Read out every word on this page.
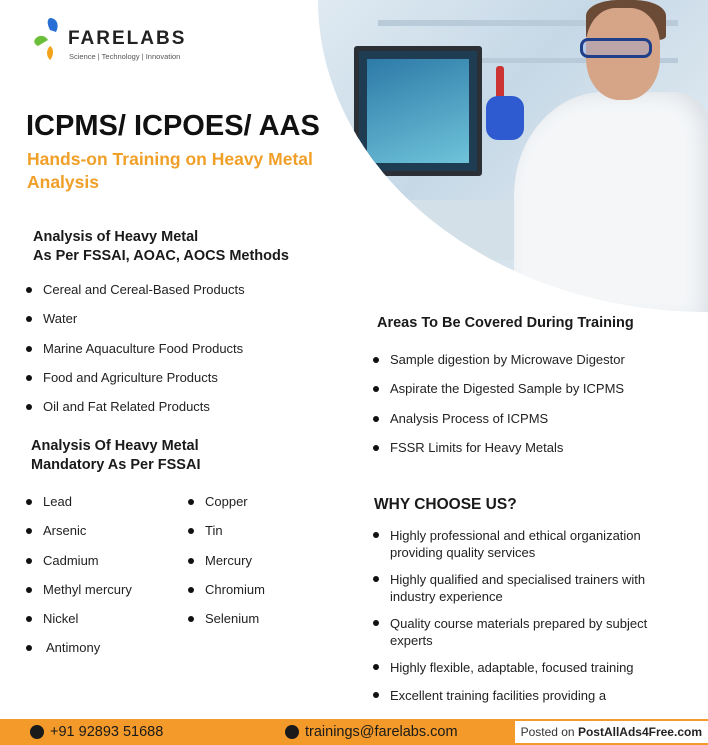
FARELABS
Science | Technology | Innovation
ICPMS/ ICPOES/ AAS

Hands-on Training on Heavy Metal Analysis

Analysis of Heavy Metal
As Per FSSAI, AOAC, AOCS Methods
Cereal and Cereal-Based Products
Water
Marine Aquaculture Food Products
Food and Agriculture Products
Oil and Fat Related Products
Analysis Of Heavy Metal
Mandatory As Per FSSAI
Lead
Arsenic
Cadmium
Methyl mercury
Nickel
Antimony
Copper
Tin
Mercury
Chromium
Selenium
Areas To Be Covered During Training
Sample digestion by Microwave Digestor
Aspirate the Digested Sample by ICPMS
Analysis Process of ICPMS
FSSR Limits for Heavy Metals
WHY CHOOSE US?
Highly professional and ethical organization providing quality services
Highly qualified and specialised trainers with industry experience
Quality course materials prepared by subject experts
Highly flexible, adaptable, focused training
Excellent training facilities providing a
+91 92893 51688	trainings@farelabs.com	Posted on PostAllAds4Free.com
